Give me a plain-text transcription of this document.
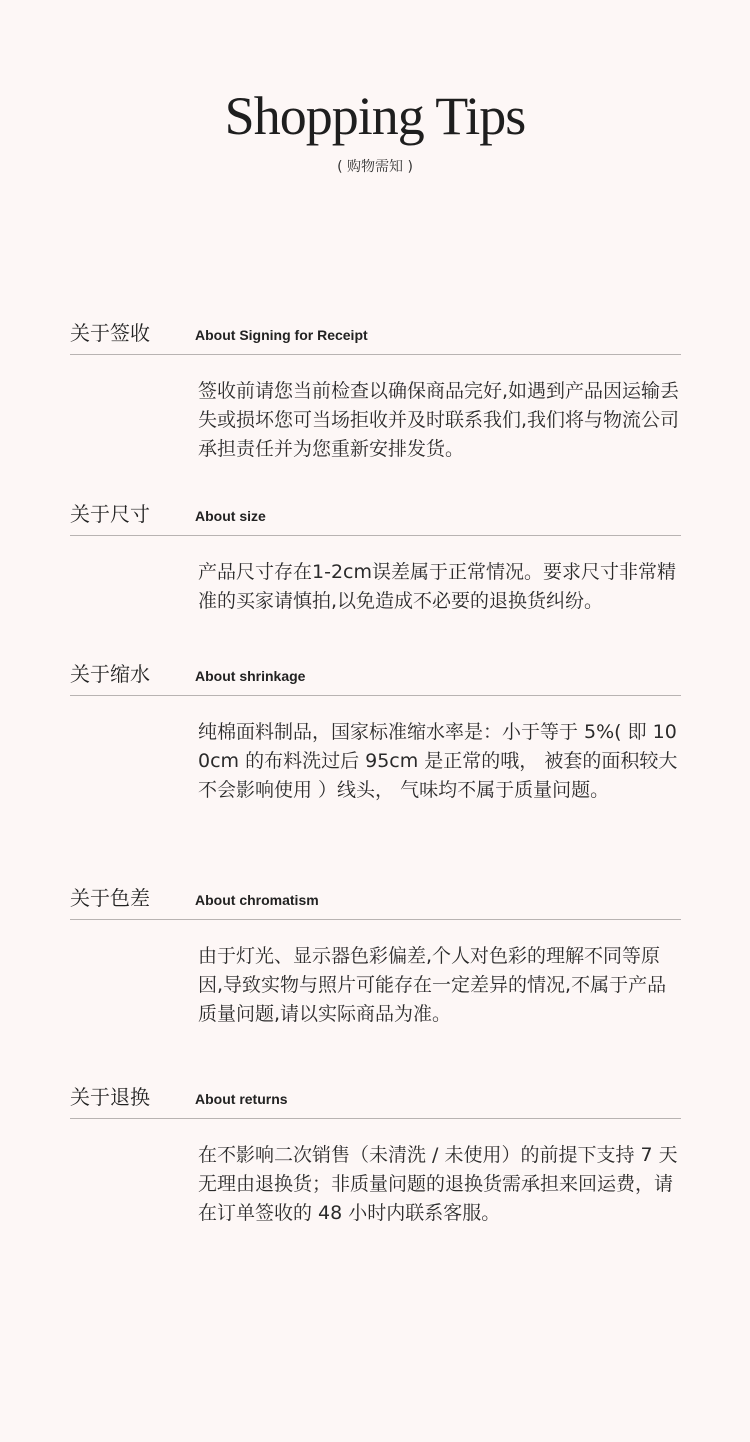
Shopping Tips
( 购物需知 )
关于签收	About Signing for Receipt
签收前请您当前检查以确保商品完好,如遇到产品因运输丢失或损坏您可当场拒收并及时联系我们,我们将与物流公司承担责任并为您重新安排发货。
关于尺寸	About size
产品尺寸存在1-2cm误差属于正常情况。要求尺寸非常精准的买家请慎拍,以免造成不必要的退换货纠纷。
关于缩水	About shrinkage
纯棉面料制品，国家标准缩水率是：小于等于 5%( 即 100cm 的布料洗过后 95cm 是正常的哦， 被套的面积较大不会影响使用 ）线头， 气味均不属于质量问题。
关于色差	About chromatism
由于灯光、显示器色彩偏差,个人对色彩的理解不同等原因,导致实物与照片可能存在一定差异的情况,不属于产品质量问题,请以实际商品为准。
关于退换	About returns
在不影响二次销售（未清洗 / 未使用）的前提下支持 7 天无理由退换货；非质量问题的退换货需承担来回运费，请在订单签收的 48 小时内联系客服。
